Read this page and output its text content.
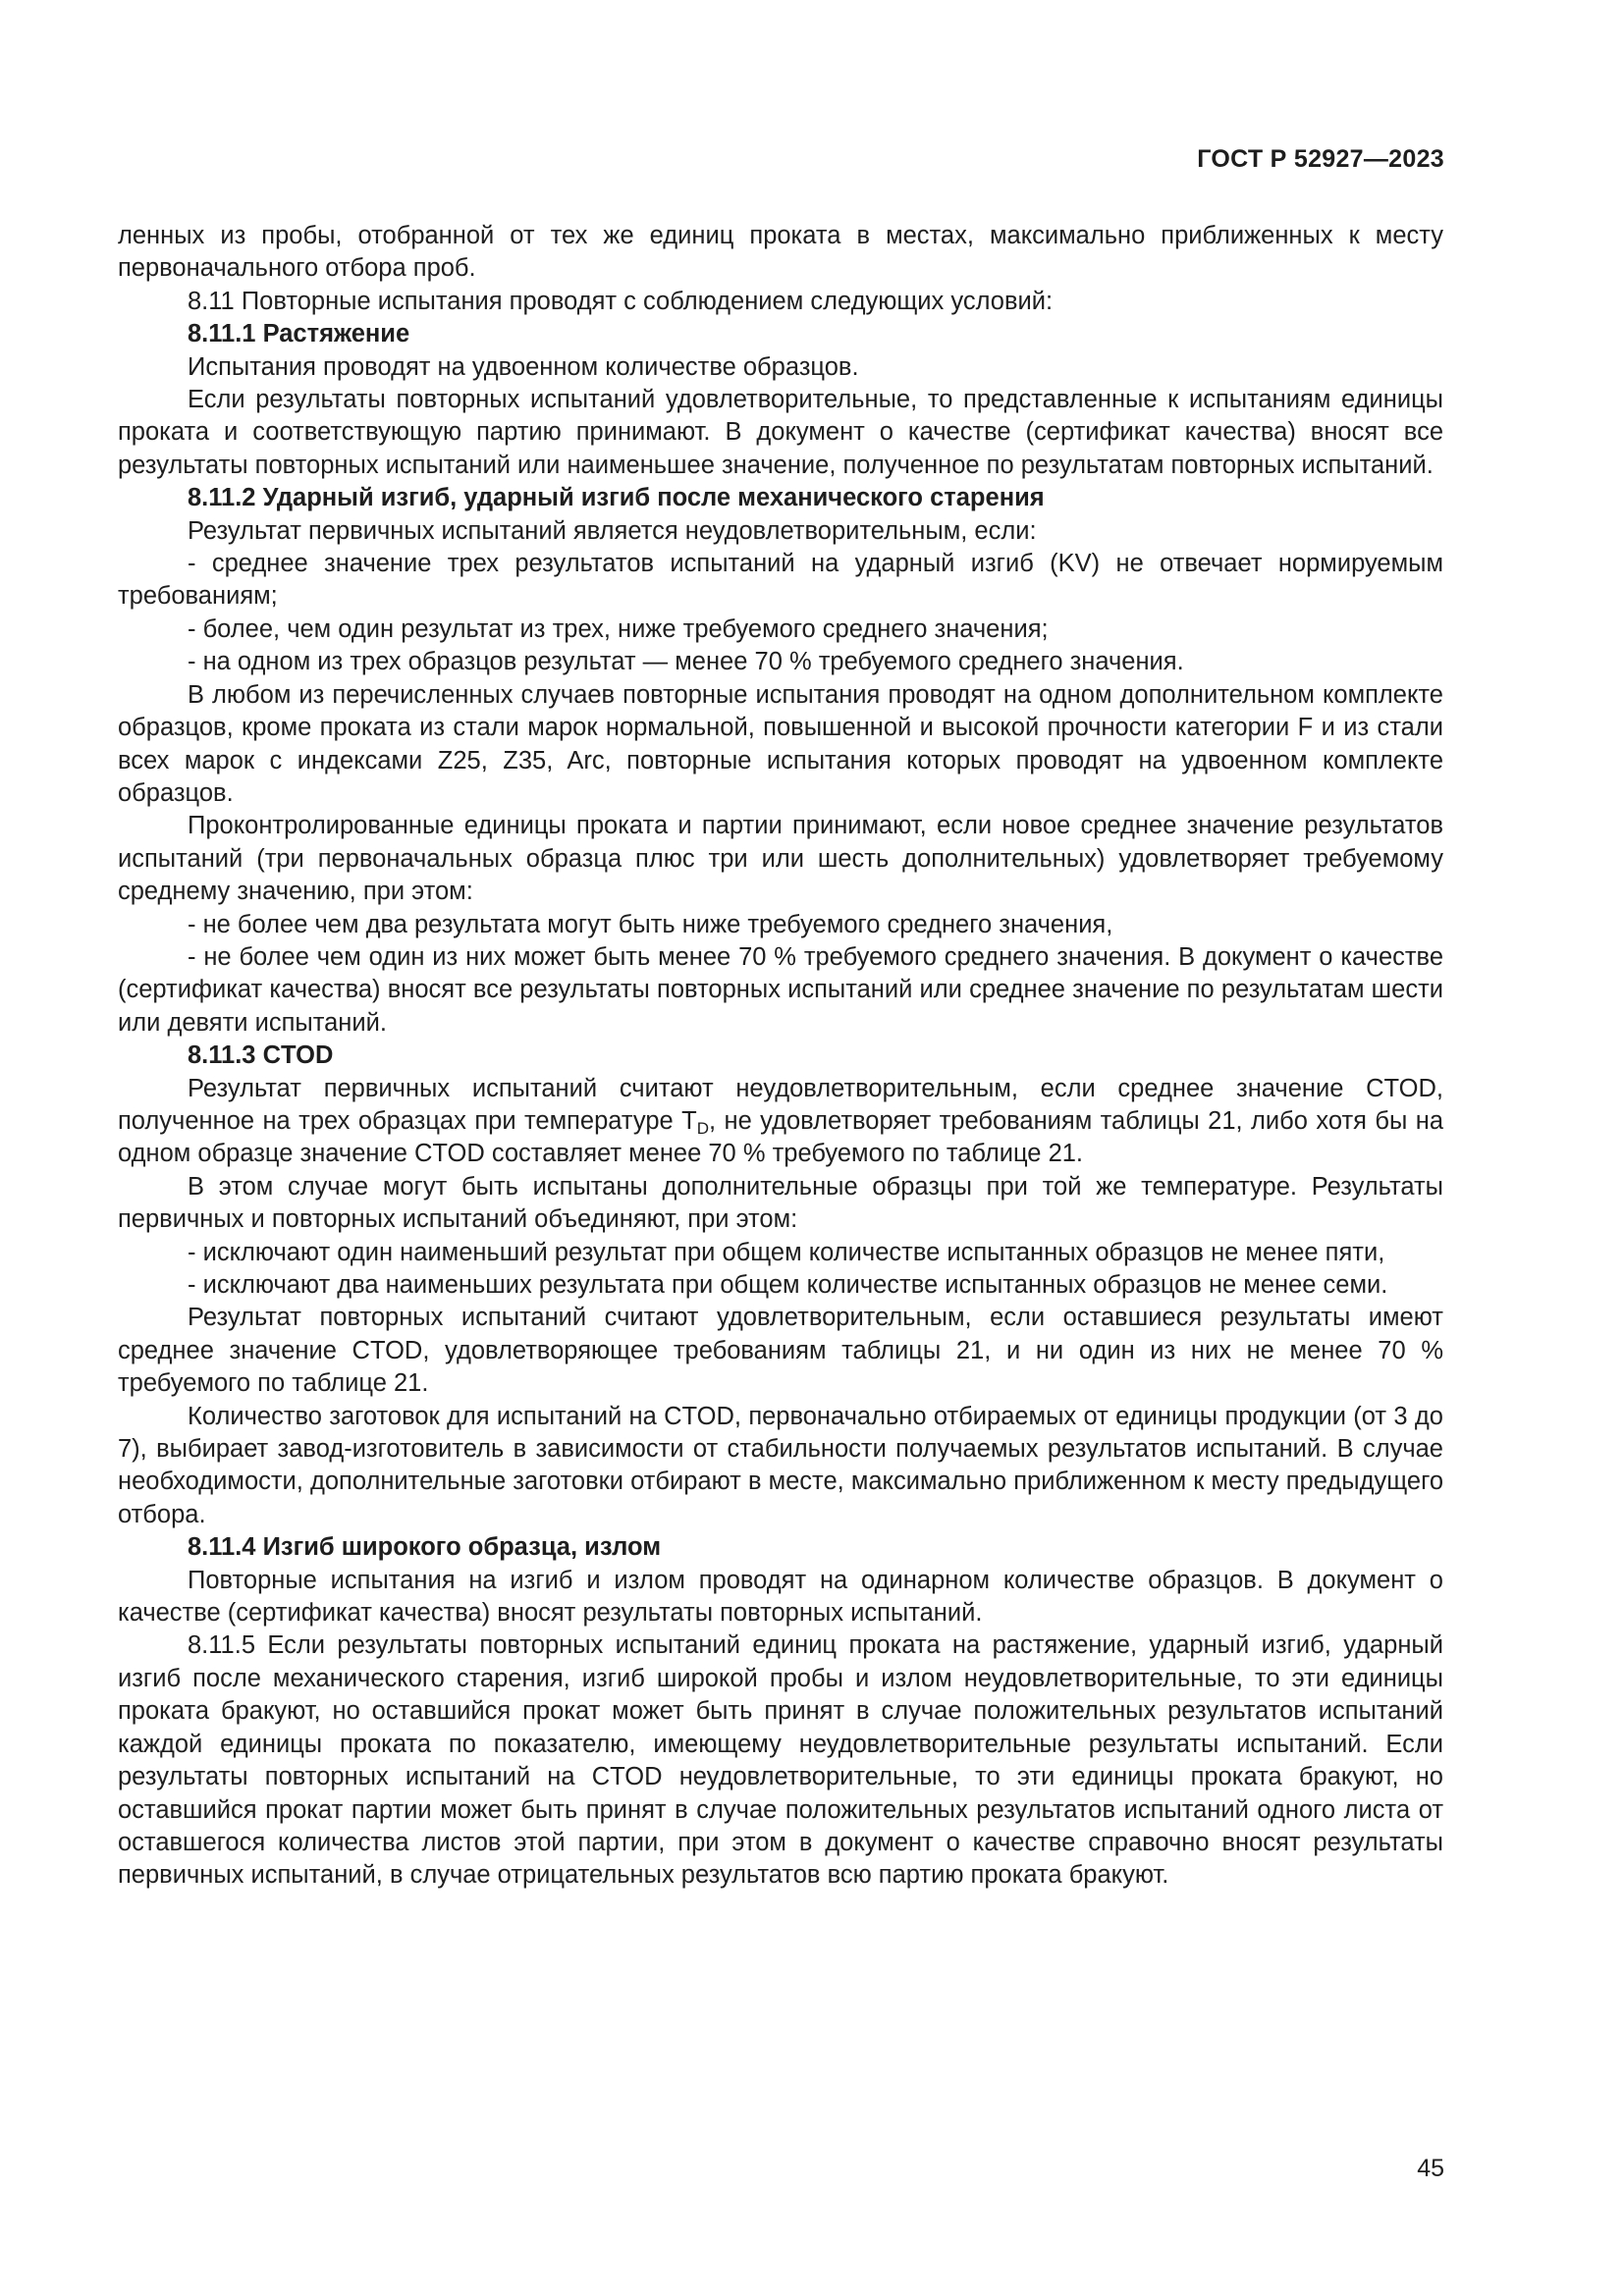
ГОСТ Р 52927—2023

ленных из пробы, отобранной от тех же единиц проката в местах, максимально приближенных к месту первоначального отбора проб.

8.11 Повторные испытания проводят с соблюдением следующих условий:

8.11.1 Растяжение

Испытания проводят на удвоенном количестве образцов.

Если результаты повторных испытаний удовлетворительные, то представленные к испытаниям единицы проката и соответствующую партию принимают. В документ о качестве (сертификат качества) вносят все результаты повторных испытаний или наименьшее значение, полученное по результатам повторных испытаний.

8.11.2 Ударный изгиб, ударный изгиб после механического старения

Результат первичных испытаний является неудовлетворительным, если:

- среднее значение трех результатов испытаний на ударный изгиб (KV) не отвечает нормируемым требованиям;

- более, чем один результат из трех, ниже требуемого среднего значения;

- на одном из трех образцов результат — менее 70 % требуемого среднего значения.

В любом из перечисленных случаев повторные испытания проводят на одном дополнительном комплекте образцов, кроме проката из стали марок нормальной, повышенной и высокой прочности категории F и из стали всех марок с индексами Z25, Z35, Arc, повторные испытания которых проводят на удвоенном комплекте образцов.

Проконтролированные единицы проката и партии принимают, если новое среднее значение результатов испытаний (три первоначальных образца плюс три или шесть дополнительных) удовлетворяет требуемому среднему значению, при этом:

- не более чем два результата могут быть ниже требуемого среднего значения,

- не более чем один из них может быть менее 70 % требуемого среднего значения. В документ о качестве (сертификат качества) вносят все результаты повторных испытаний или среднее значение по результатам шести или девяти испытаний.

8.11.3 CTOD

Результат первичных испытаний считают неудовлетворительным, если среднее значение CTOD, полученное на трех образцах при температуре $T_D$, не удовлетворяет требованиям таблицы 21, либо хотя бы на одном образце значение CTOD составляет менее 70 % требуемого по таблице 21.

В этом случае могут быть испытаны дополнительные образцы при той же температуре. Результаты первичных и повторных испытаний объединяют, при этом:

- исключают один наименьший результат при общем количестве испытанных образцов не менее пяти,

- исключают два наименьших результата при общем количестве испытанных образцов не менее семи.

Результат повторных испытаний считают удовлетворительным, если оставшиеся результаты имеют среднее значение CTOD, удовлетворяющее требованиям таблицы 21, и ни один из них не менее 70 % требуемого по таблице 21.

Количество заготовок для испытаний на CTOD, первоначально отбираемых от единицы продукции (от 3 до 7), выбирает завод-изготовитель в зависимости от стабильности получаемых результатов испытаний. В случае необходимости, дополнительные заготовки отбирают в месте, максимально приближенном к месту предыдущего отбора.

8.11.4 Изгиб широкого образца, излом

Повторные испытания на изгиб и излом проводят на одинарном количестве образцов. В документ о качестве (сертификат качества) вносят результаты повторных испытаний.

8.11.5 Если результаты повторных испытаний единиц проката на растяжение, ударный изгиб, ударный изгиб после механического старения, изгиб широкой пробы и излом неудовлетворительные, то эти единицы проката бракуют, но оставшийся прокат может быть принят в случае положительных результатов испытаний каждой единицы проката по показателю, имеющему неудовлетворительные результаты испытаний. Если результаты повторных испытаний на CTOD неудовлетворительные, то эти единицы проката бракуют, но оставшийся прокат партии может быть принят в случае положительных результатов испытаний одного листа от оставшегося количества листов этой партии, при этом в документ о качестве справочно вносят результаты первичных испытаний, в случае отрицательных результатов всю партию проката бракуют.

45
